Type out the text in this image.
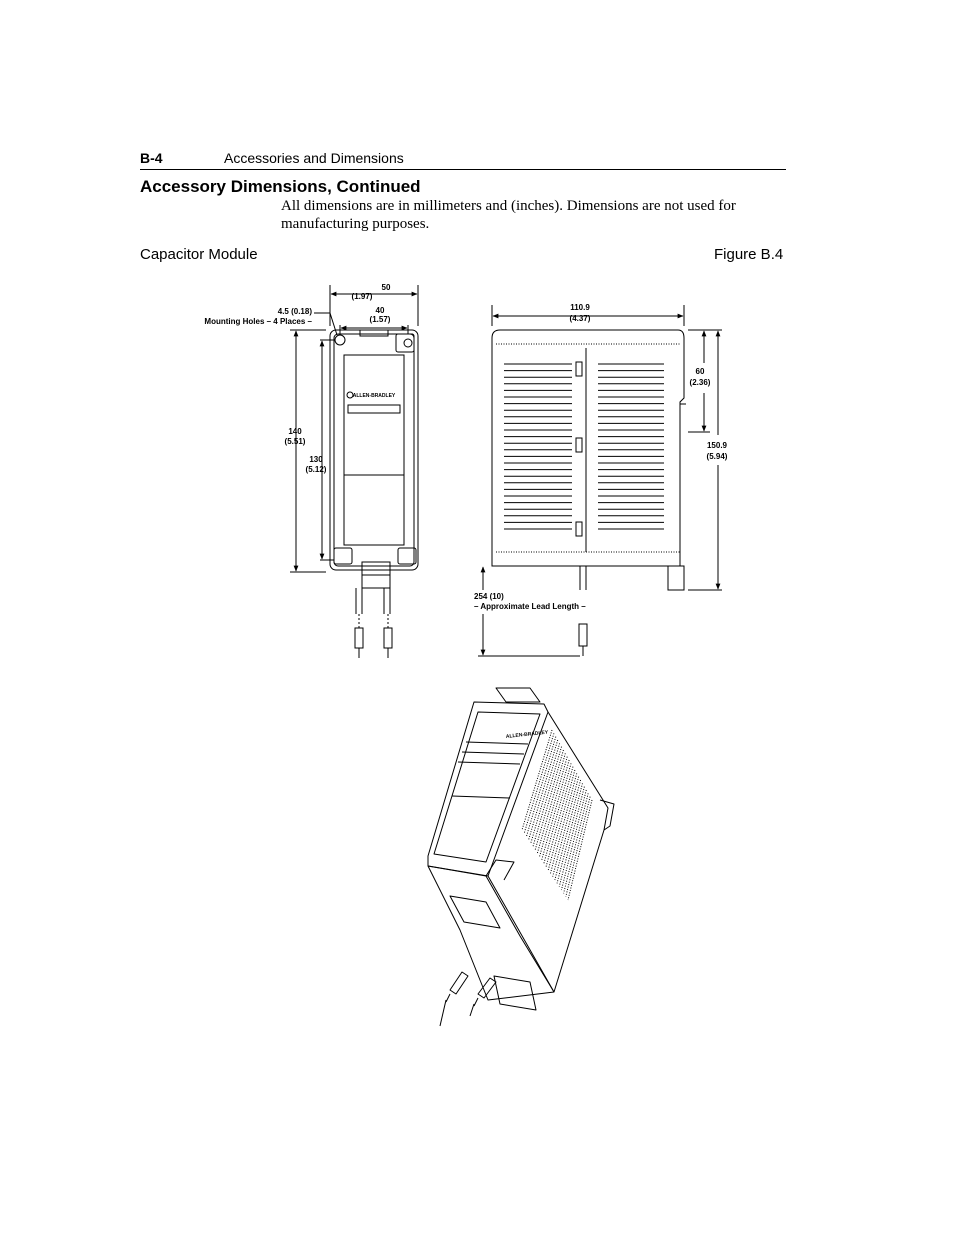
B-4	Accessories and Dimensions
Accessory Dimensions, Continued
All dimensions are in millimeters and (inches). Dimensions are not used for manufacturing purposes.
Capacitor Module	Figure B.4
50
(1.97)
40
(1.57)
4.5 (0.18)
Mounting Holes – 4 Places –
140
(5.51)
130
(5.12)
ALLEN-BRADLEY
110.9
(4.37)
60
(2.36)
150.9
(5.94)
254 (10)
– Approximate Lead Length –
ALLEN-BRADLEY
